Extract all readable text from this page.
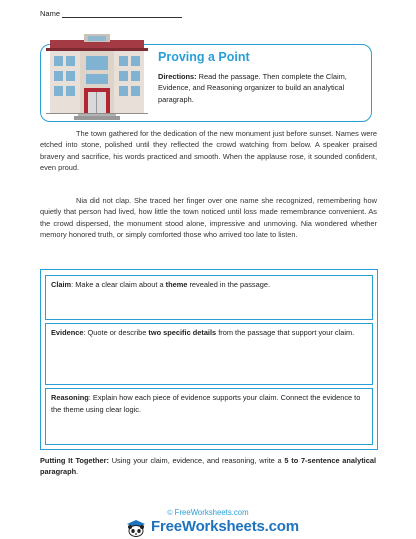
Name
Proving a Point
Directions: Read the passage. Then complete the Claim, Evidence, and Reasoning organizer to build an analytical paragraph.
The town gathered for the dedication of the new monument just before sunset. Names were etched into stone, polished until they reflected the crowd watching from below. A speaker praised bravery and sacrifice, his words practiced and smooth. When the applause rose, it sounded confident, even proud.
Nia did not clap. She traced her finger over one name she recognized, remembering how quietly that person had lived, how little the town noticed until loss made remembrance convenient. As the crowd dispersed, the monument stood alone, impressive and unmoving. Nia wondered whether memory honored truth, or simply comforted those who arrived too late to listen.
Claim: Make a clear claim about a theme revealed in the passage.
Evidence: Quote or describe two specific details from the passage that support your claim.
Reasoning: Explain how each piece of evidence supports your claim. Connect the evidence to the theme using clear logic.
Putting It Together: Using your claim, evidence, and reasoning, write a 5 to 7-sentence analytical paragraph.
© FreeWorksheets.com
FreeWorksheets.com
